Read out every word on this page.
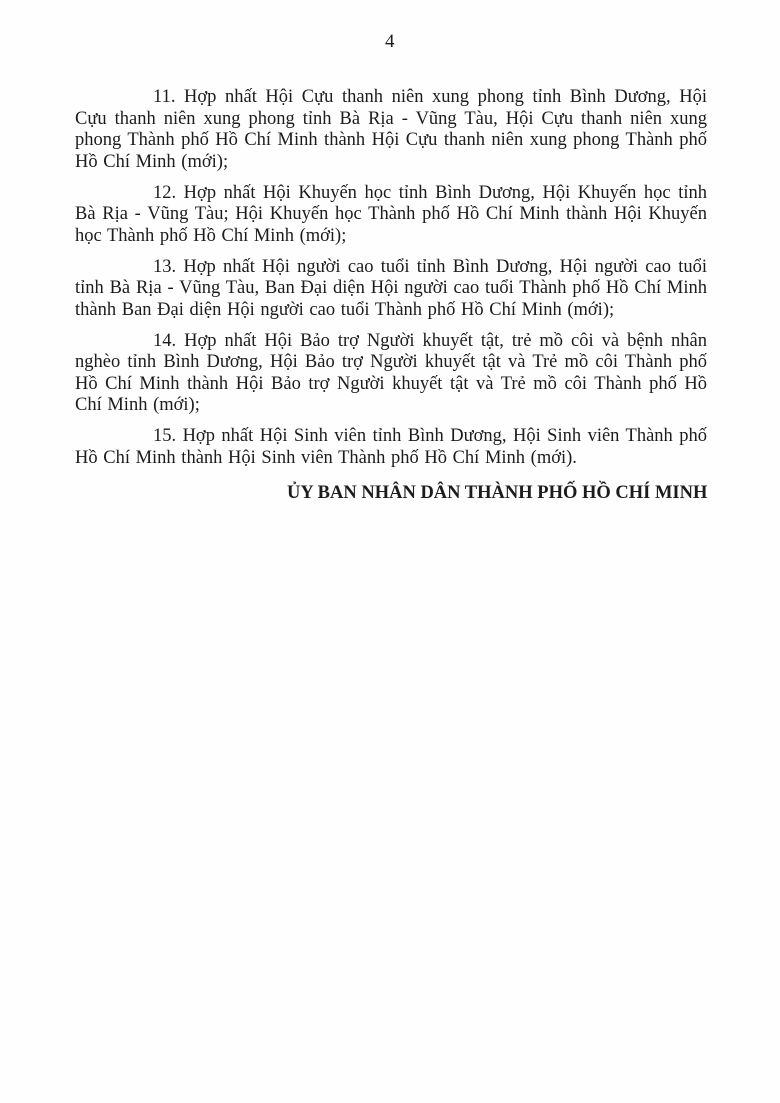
4

11. Hợp nhất Hội Cựu thanh niên xung phong tỉnh Bình Dương, Hội Cựu thanh niên xung phong tỉnh Bà Rịa - Vũng Tàu, Hội Cựu thanh niên xung phong Thành phố Hồ Chí Minh thành Hội Cựu thanh niên xung phong Thành phố Hồ Chí Minh (mới);

12. Hợp nhất Hội Khuyến học tỉnh Bình Dương, Hội Khuyến học tỉnh Bà Rịa - Vũng Tàu; Hội Khuyến học Thành phố Hồ Chí Minh thành Hội Khuyến học Thành phố Hồ Chí Minh (mới);

13. Hợp nhất Hội người cao tuổi tỉnh Bình Dương, Hội người cao tuổi tỉnh Bà Rịa - Vũng Tàu, Ban Đại diện Hội người cao tuổi Thành phố Hồ Chí Minh thành Ban Đại diện Hội người cao tuổi Thành phố Hồ Chí Minh (mới);

14. Hợp nhất Hội Bảo trợ Người khuyết tật, trẻ mồ côi và bệnh nhân nghèo tỉnh Bình Dương, Hội Bảo trợ Người khuyết tật và Trẻ mồ côi Thành phố Hồ Chí Minh thành Hội Bảo trợ Người khuyết tật và Trẻ mồ côi Thành phố Hồ Chí Minh (mới);

15. Hợp nhất Hội Sinh viên tỉnh Bình Dương, Hội Sinh viên Thành phố Hồ Chí Minh thành Hội Sinh viên Thành phố Hồ Chí Minh (mới).

ỦY BAN NHÂN DÂN THÀNH PHỐ HỒ CHÍ MINH
